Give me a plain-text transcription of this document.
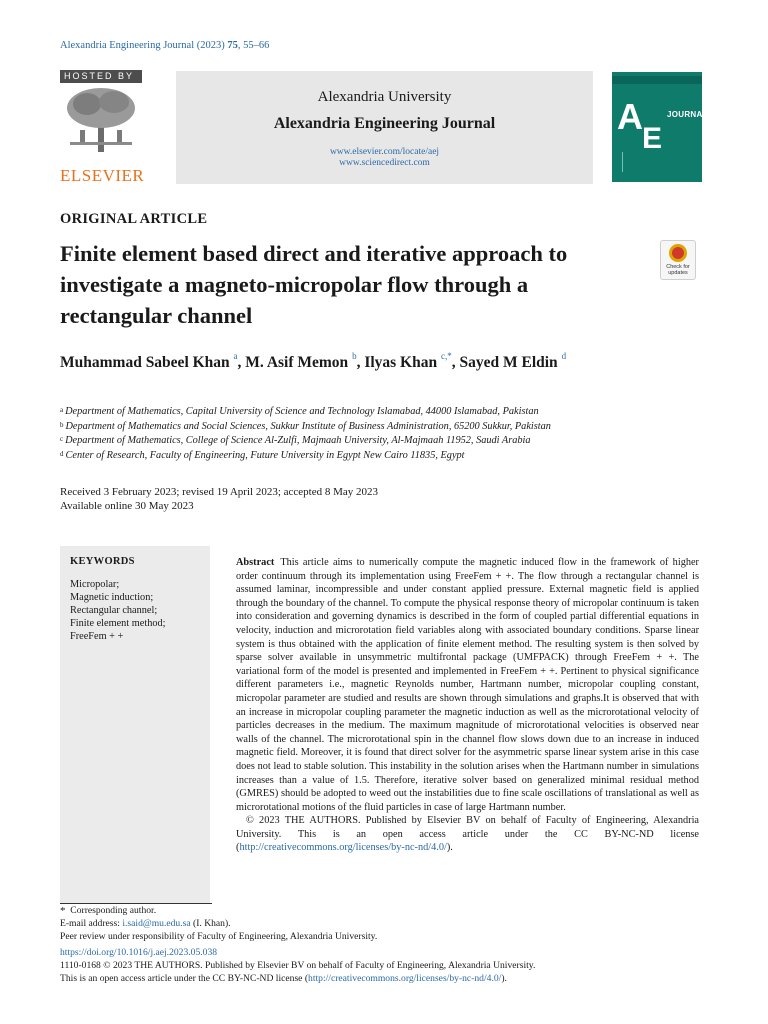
Alexandria Engineering Journal (2023) 75, 55–66
HOSTED BY
ELSEVIER
Alexandria University
Alexandria Engineering Journal
www.elsevier.com/locate/aej
www.sciencedirect.com
A	JOURNAL
E
ORIGINAL ARTICLE
Finite element based direct and iterative approach to investigate a magneto-micropolar flow through a rectangular channel
Check for updates
Muhammad Sabeel Khan $^a$, M. Asif Memon $^b$, Ilyas Khan $^{c,*}$, Sayed M Eldin $^d$
$^a$ Department of Mathematics, Capital University of Science and Technology Islamabad, 44000 Islamabad, Pakistan
$^b$ Department of Mathematics and Social Sciences, Sukkur Institute of Business Administration, 65200 Sukkur, Pakistan
$^c$ Department of Mathematics, College of Science Al-Zulfi, Majmaah University, Al-Majmaah 11952, Saudi Arabia
$^d$ Center of Research, Faculty of Engineering, Future University in Egypt New Cairo 11835, Egypt
Received 3 February 2023; revised 19 April 2023; accepted 8 May 2023
Available online 30 May 2023
KEYWORDS
Micropolar;
Magnetic induction;
Rectangular channel;
Finite element method;
FreeFem + +

Abstract This article aims to numerically compute the magnetic induced flow in the framework of higher order continuum through its implementation using FreeFem + +. The flow through a rectangular channel is assumed laminar, incompressible and under constant applied pressure. External magnetic field is applied through the boundary of the channel. To compute the physical response theory of micropolar continuum is taken into consideration and governing dynamics is described in the form of coupled partial differential equations in velocity, induction and microrotation field variables along with associated boundary conditions. Sparse linear system is thus obtained with the application of finite element method. The resulting system is then solved by sparse solver available in unsymmetric multifrontal package (UMFPACK) through FreeFem + +. The variational form of the model is presented and implemented in FreeFem + +. Pertinent to physical significance different parameters i.e., magnetic Reynolds number, Hartmann number, micropolar coupling constant, micropolar parameter are studied and results are shown through simulations and graphs.It is observed that with an increase in micropolar coupling parameter the magnetic induction as well as the microrotational velocity of particles decreases in the medium. The maximum magnitude of microrotational velocities is observed near walls of the channel. The microrotational spin in the channel flow slows down due to an increase in induced magnetic field. Moreover, it is found that direct solver for the asymmetric sparse linear system arise in this case does not lead to stable solution. This instability in the solution arises when the Hartmann number in simulations increases than a value of 1.5. Therefore, iterative solver based on generalized minimal residual method (GMRES) should be adopted to weed out the instabilities due to fine scale oscillations of translational as well as microrotational motions of the fluid particles in case of large Hartmann number.

© 2023 THE AUTHORS. Published by Elsevier BV on behalf of Faculty of Engineering, Alexandria University. This is an open access article under the CC BY-NC-ND license (http://creativecommons.org/licenses/by-nc-nd/4.0/).

* Corresponding author.
E-mail address: i.said@mu.edu.sa (I. Khan).
Peer review under responsibility of Faculty of Engineering, Alexandria University.
https://doi.org/10.1016/j.aej.2023.05.038
1110-0168 © 2023 THE AUTHORS. Published by Elsevier BV on behalf of Faculty of Engineering, Alexandria University.
This is an open access article under the CC BY-NC-ND license (http://creativecommons.org/licenses/by-nc-nd/4.0/).
